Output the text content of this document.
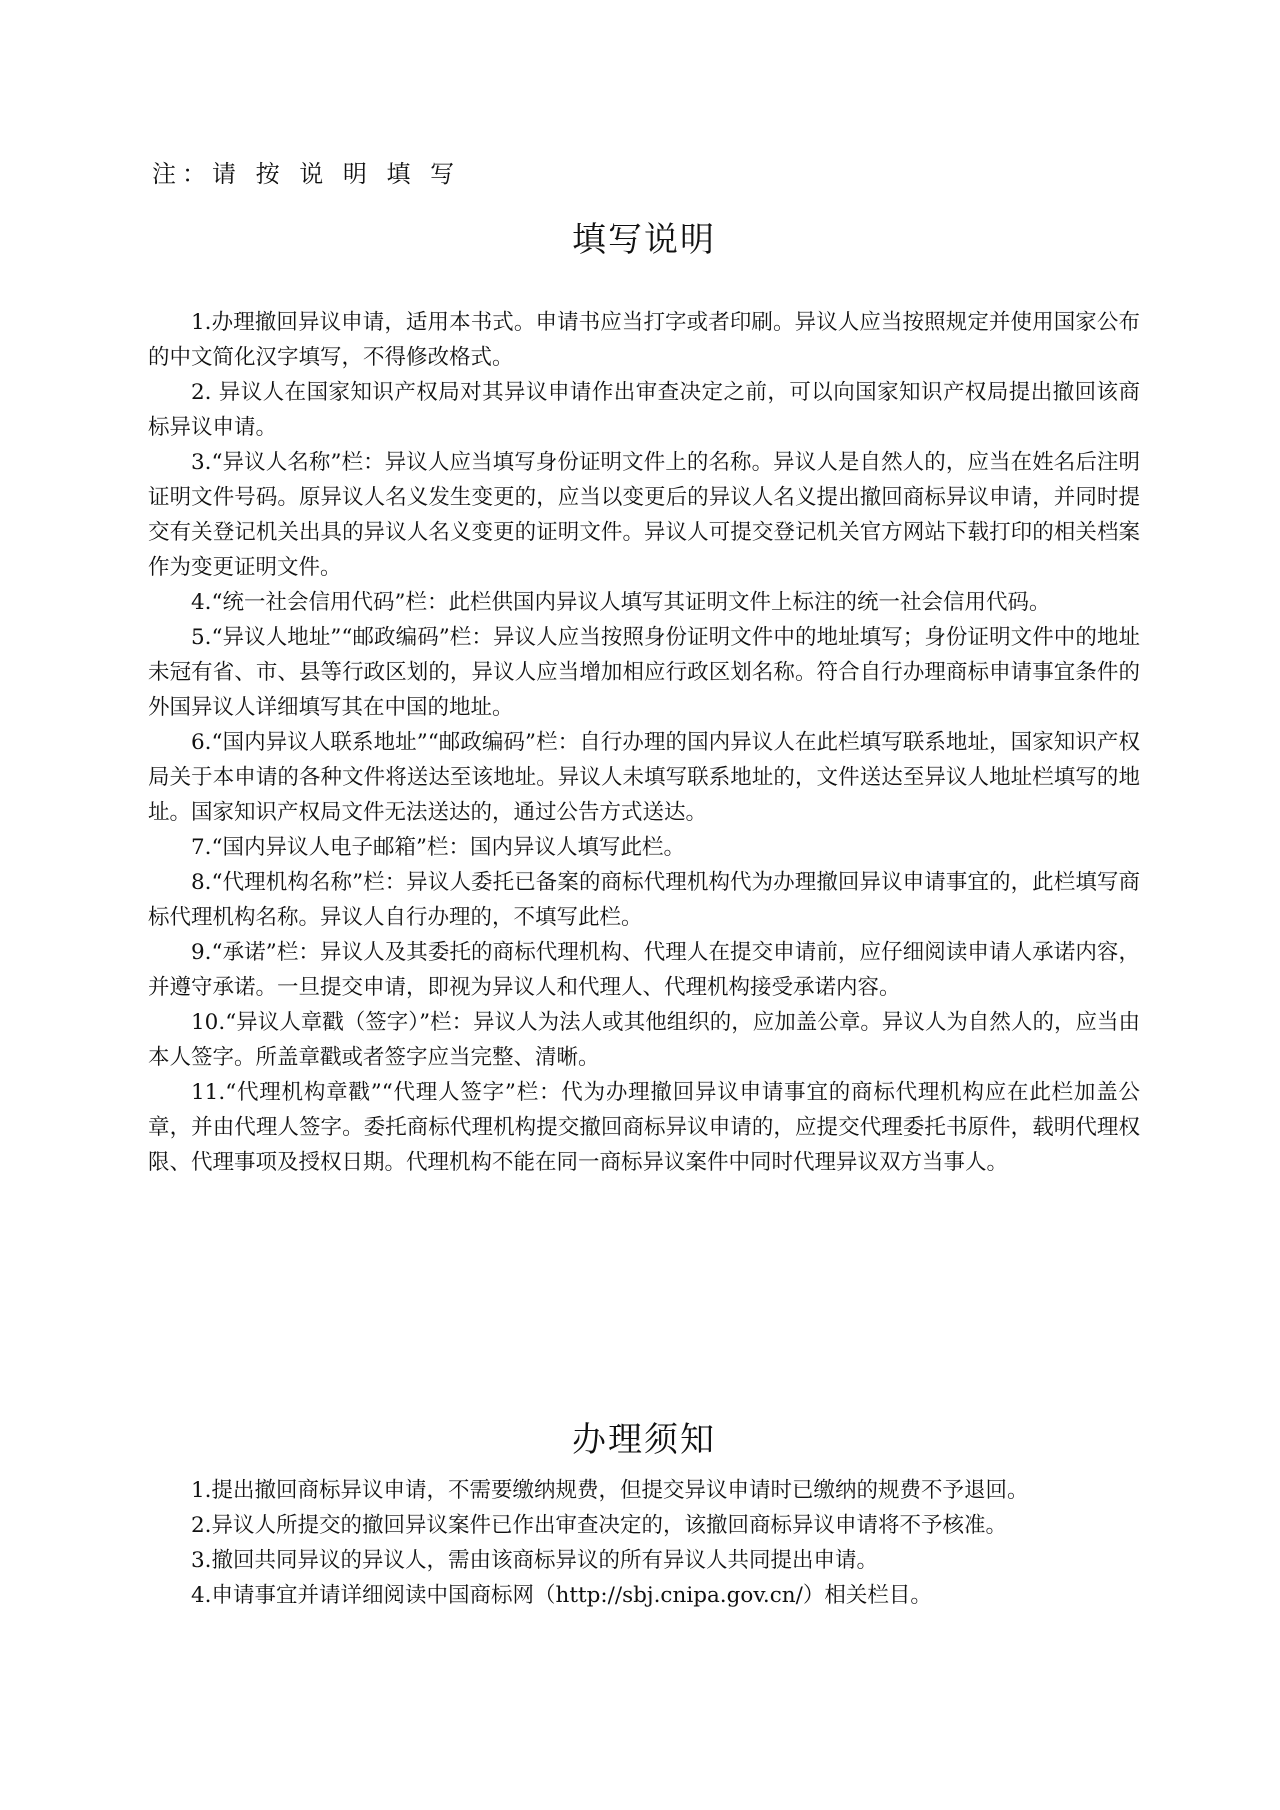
注：请 按 说 明 填 写

填写说明
1.办理撤回异议申请，适用本书式。申请书应当打字或者印刷。异议人应当按照规定并使用国家公布的中文简化汉字填写，不得修改格式。
2. 异议人在国家知识产权局对其异议申请作出审查决定之前，可以向国家知识产权局提出撤回该商标异议申请。
3.“异议人名称”栏：异议人应当填写身份证明文件上的名称。异议人是自然人的，应当在姓名后注明证明文件号码。原异议人名义发生变更的，应当以变更后的异议人名义提出撤回商标异议申请，并同时提交有关登记机关出具的异议人名义变更的证明文件。异议人可提交登记机关官方网站下载打印的相关档案作为变更证明文件。
4.“统一社会信用代码”栏：此栏供国内异议人填写其证明文件上标注的统一社会信用代码。
5.“异议人地址”“邮政编码”栏：异议人应当按照身份证明文件中的地址填写；身份证明文件中的地址未冠有省、市、县等行政区划的，异议人应当增加相应行政区划名称。符合自行办理商标申请事宜条件的外国异议人详细填写其在中国的地址。
6.“国内异议人联系地址”“邮政编码”栏：自行办理的国内异议人在此栏填写联系地址，国家知识产权局关于本申请的各种文件将送达至该地址。异议人未填写联系地址的，文件送达至异议人地址栏填写的地址。国家知识产权局文件无法送达的，通过公告方式送达。
7.“国内异议人电子邮箱”栏：国内异议人填写此栏。
8.“代理机构名称”栏：异议人委托已备案的商标代理机构代为办理撤回异议申请事宜的，此栏填写商标代理机构名称。异议人自行办理的，不填写此栏。
9.“承诺”栏：异议人及其委托的商标代理机构、代理人在提交申请前，应仔细阅读申请人承诺内容，并遵守承诺。一旦提交申请，即视为异议人和代理人、代理机构接受承诺内容。
10.“异议人章戳（签字）”栏：异议人为法人或其他组织的，应加盖公章。异议人为自然人的，应当由本人签字。所盖章戳或者签字应当完整、清晰。
11.“代理机构章戳”“代理人签字”栏：代为办理撤回异议申请事宜的商标代理机构应在此栏加盖公章，并由代理人签字。委托商标代理机构提交撤回商标异议申请的，应提交代理委托书原件，载明代理权限、代理事项及授权日期。代理机构不能在同一商标异议案件中同时代理异议双方当事人。
办理须知
1.提出撤回商标异议申请，不需要缴纳规费，但提交异议申请时已缴纳的规费不予退回。
2.异议人所提交的撤回异议案件已作出审查决定的，该撤回商标异议申请将不予核准。
3.撤回共同异议的异议人，需由该商标异议的所有异议人共同提出申请。
4.申请事宜并请详细阅读中国商标网（http://sbj.cnipa.gov.cn/）相关栏目。
